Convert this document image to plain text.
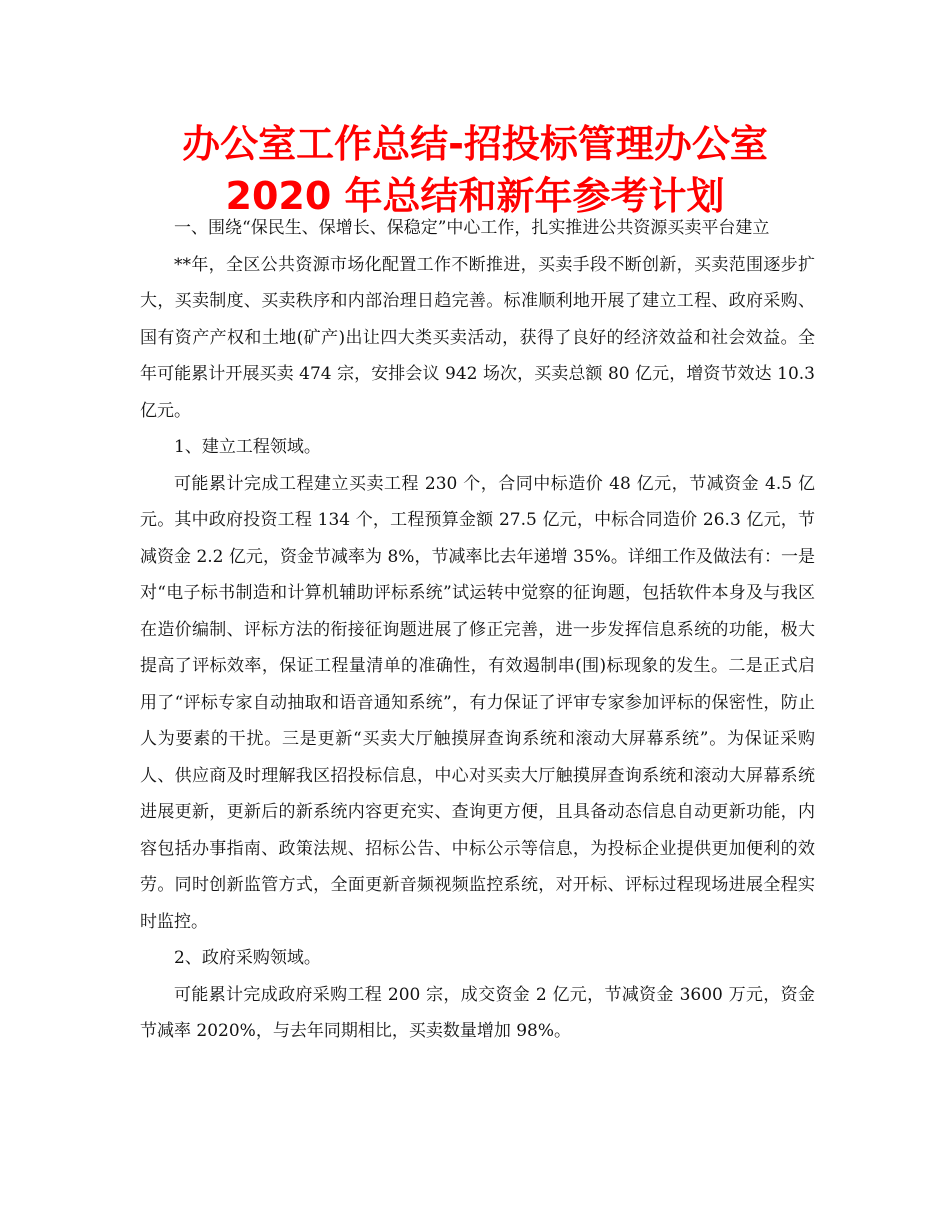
办公室工作总结-招投标管理办公室 2020 年总结和新年参考计划

一、围绕“保民生、保增长、保稳定”中心工作，扎实推进公共资源买卖平台建立

**年，全区公共资源市场化配置工作不断推进，买卖手段不断创新，买卖范围逐步扩大，买卖制度、买卖秩序和内部治理日趋完善。标准顺利地开展了建立工程、政府采购、国有资产产权和土地(矿产)出让四大类买卖活动，获得了良好的经济效益和社会效益。全年可能累计开展买卖 474 宗，安排会议 942 场次，买卖总额 80 亿元，增资节效达 10.3 亿元。

1、建立工程领域。

可能累计完成工程建立买卖工程 230 个，合同中标造价 48 亿元，节减资金 4.5 亿元。其中政府投资工程 134 个，工程预算金额 27.5 亿元，中标合同造价 26.3 亿元，节减资金 2.2 亿元，资金节减率为 8%，节减率比去年递增 35%。详细工作及做法有：一是对“电子标书制造和计算机辅助评标系统”试运转中觉察的征询题，包括软件本身及与我区在造价编制、评标方法的衔接征询题进展了修正完善，进一步发挥信息系统的功能，极大提高了评标效率，保证工程量清单的准确性，有效遏制串(围)标现象的发生。二是正式启用了“评标专家自动抽取和语音通知系统”，有力保证了评审专家参加评标的保密性，防止人为要素的干扰。三是更新“买卖大厅触摸屏查询系统和滚动大屏幕系统”。为保证采购人、供应商及时理解我区招投标信息，中心对买卖大厅触摸屏查询系统和滚动大屏幕系统进展更新，更新后的新系统内容更充实、查询更方便，且具备动态信息自动更新功能，内容包括办事指南、政策法规、招标公告、中标公示等信息，为投标企业提供更加便利的效劳。同时创新监管方式，全面更新音频视频监控系统，对开标、评标过程现场进展全程实时监控。

2、政府采购领域。

可能累计完成政府采购工程 200 宗，成交资金 2 亿元，节减资金 3600 万元，资金节减率 2020%，与去年同期相比，买卖数量增加 98%。
